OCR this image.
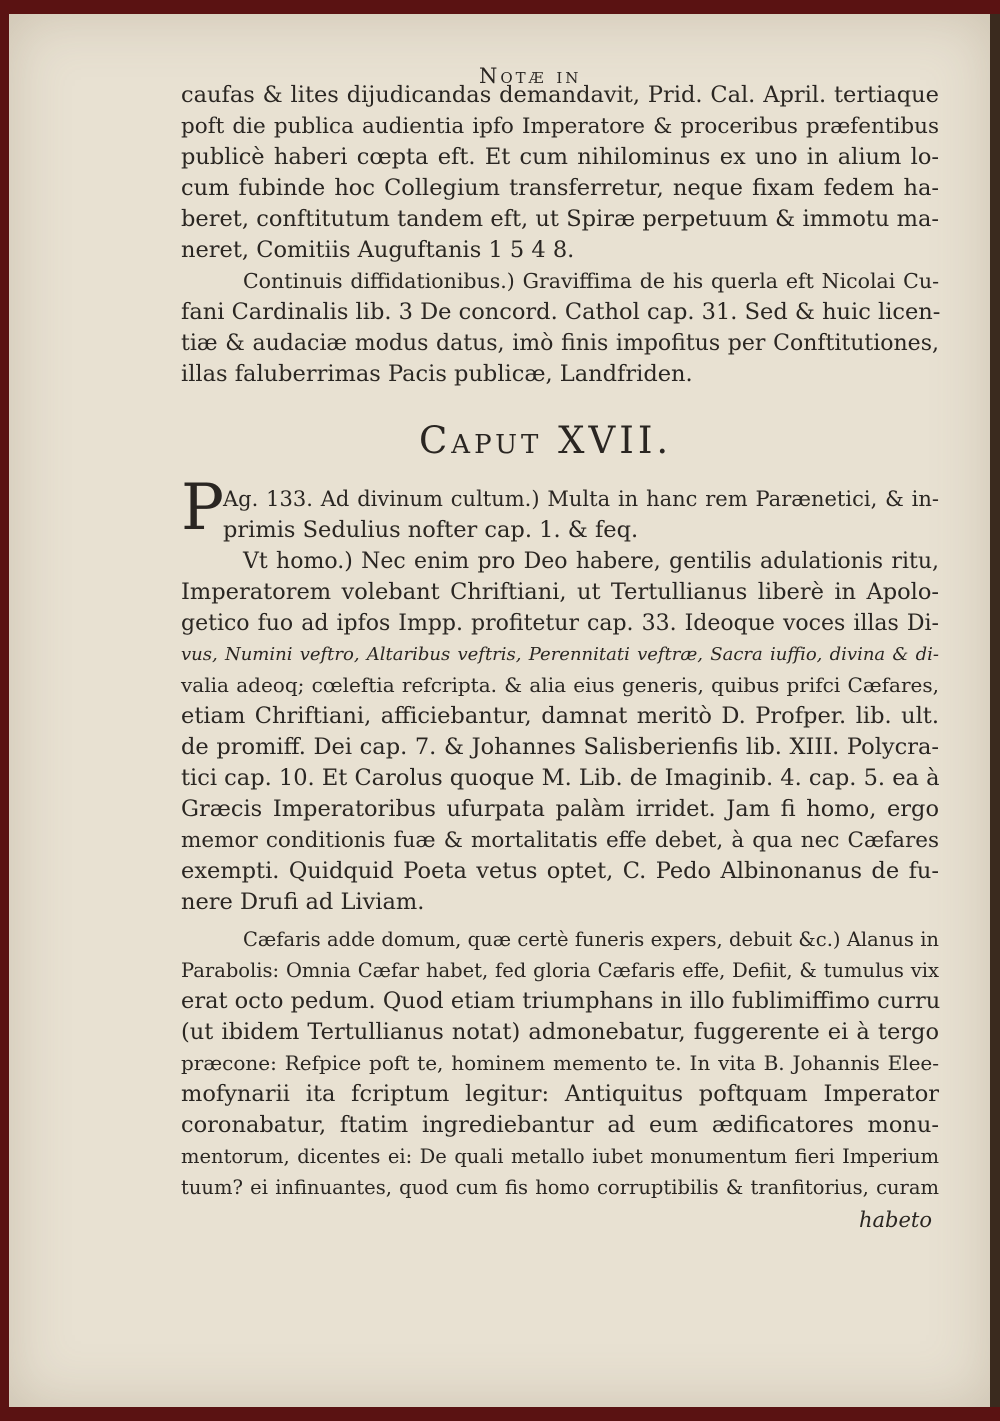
Notæ in
caufas & lites dijudicandas demandavit, Prid. Cal. April. tertiaque
poft die publica audientia ipfo Imperatore & proceribus præfentibus
publicè haberi cœpta eft. Et cum nihilominus ex uno in alium lo-
cum fubinde hoc Collegium transferretur, neque fixam fedem ha-
beret, conftitutum tandem eft, ut Spiræ perpetuum & immotu ma-
neret, Comitiis Auguftanis 1 5 4 8.
Continuis diffidationibus.) Graviffima de his querla eft Nicolai Cu-
fani Cardinalis lib. 3 De concord. Cathol cap. 31. Sed & huic licen-
tiæ & audaciæ modus datus, imò finis impofitus per Conftitutiones,
illas faluberrimas Pacis publicæ, Landfriden.
Ag. 133. Ad divinum cultum.) Multa in hanc rem Parænetici, & in-
primis Sedulius nofter cap. 1. & feq.
Vt homo.) Nec enim pro Deo habere, gentilis adulationis ritu,
Imperatorem volebant Chriftiani, ut Tertullianus liberè in Apolo-
getico fuo ad ipfos Impp. profitetur cap. 33. Ideoque voces illas Di-
vus, Numini veftro, Altaribus veftris, Perennitati veftræ, Sacra iuffio, divina & di-
valia adeoq; cœleftia refcripta. & alia eius generis, quibus prifci Cæfares,
etiam Chriftiani, afficiebantur, damnat meritò D. Profper. lib. ult.
de promiff. Dei cap. 7. & Johannes Salisberienfis lib. XIII. Polycra-
tici cap. 10. Et Carolus quoque M. Lib. de Imaginib. 4. cap. 5. ea à
Græcis Imperatoribus ufurpata palàm irridet. Jam fi homo, ergo
memor conditionis fuæ & mortalitatis effe debet, à qua nec Cæfares
exempti. Quidquid Poeta vetus optet, C. Pedo Albinonanus de fu-
nere Drufi ad Liviam.
Cæfaris adde domum, quæ certè funeris expers, debuit &c.) Alanus in
Parabolis: Omnia Cæfar habet, fed gloria Cæfaris effe, Defiit, & tumulus vix
erat octo pedum. Quod etiam triumphans in illo fublimiffimo curru
(ut ibidem Tertullianus notat) admonebatur, fuggerente ei à tergo
præcone: Refpice poft te, hominem memento te. In vita B. Johannis Elee-
mofynarii ita fcriptum legitur: Antiquitus poftquam Imperator
coronabatur, ftatim ingrediebantur ad eum ædificatores monu-
mentorum, dicentes ei: De quali metallo iubet monumentum fieri Imperium
tuum? ei infinuantes, quod cum fis homo corruptibilis & tranfitorius, curam
P
Caput XVII.
habeto
